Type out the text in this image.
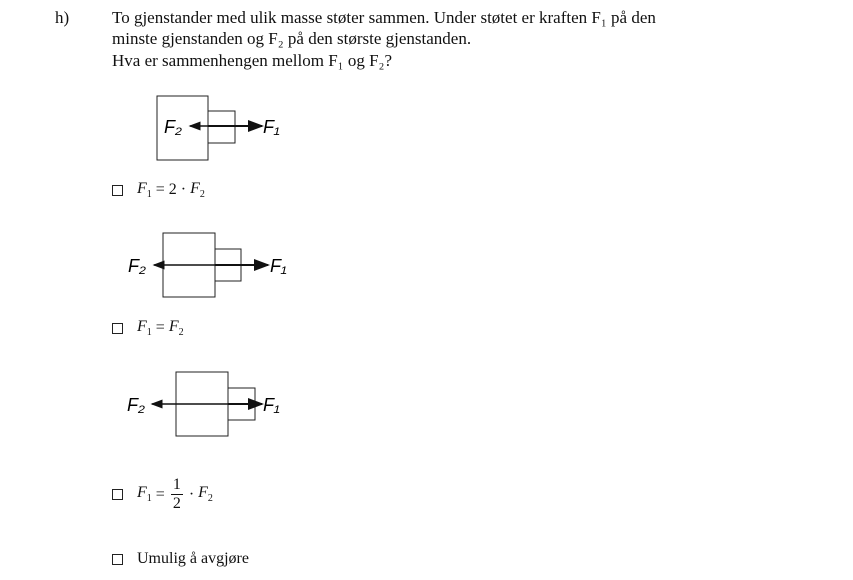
h)	To gjenstander med ulik masse støter sammen. Under støtet er kraften F₁ på den
minste gjenstanden og F₂ på den største gjenstanden.
Hva er sammenhengen mellom F₁ og F₂?
F₂	F₁
F₂	F₁
F₂	F₁
$F_1 = 2 \cdot F_2$
$F_1 = F_2$
$F_1 = \frac{1}{2} \cdot F_2$
Umulig å avgjøre
